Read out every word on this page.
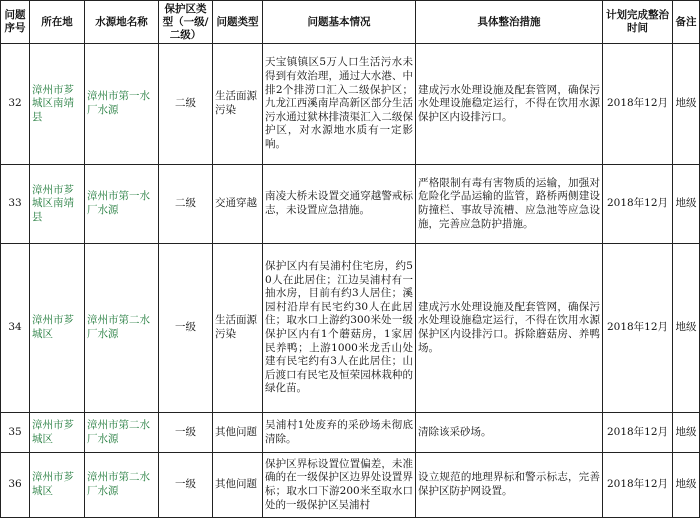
问题序号	所在地	水源地名称	保护区类型（一级/二级）	问题类型	问题基本情况	具体整治措施	计划完成整治时间	备注
32	漳州市芗城区南靖县	漳州市第一水厂水源	二级	生活面源污染	天宝镇镇区5万人口生活污水未得到有效治理，通过大水港、中排2个排涝口汇入二级保护区；九龙江西溪南岸高新区部分生活污水通过狱林排渍渠汇入二级保护区，对水源地水质有一定影响。	建成污水处理设施及配套管网，确保污水处理设施稳定运行，不得在饮用水源保护区内设排污口。	2018年12月	地级
33	漳州市芗城区南靖县	漳州市第一水厂水源	二级	交通穿越	南凌大桥未设置交通穿越警戒标志，未设置应急措施。	严格限制有毒有害物质的运输，加强对危险化学品运输的监管，路桥两侧建设防撞栏、事故导流槽、应急池等应急设施，完善应急防护措施。	2018年12月	地级
34	漳州市芗城区	漳州市第二水厂水源	一级	生活面源污染	保护区内有吴浦村住宅房，约50人在此居住；江边吴浦村有一抽水房，目前有约3人居住；溪园村沿岸有民宅约30人在此居住；取水口上游约300米处一级保护区内有1个蘑菇房，1家居民养鸭；上游1000米龙舌山处建有民宅约有3人在此居住；山后渡口有民宅及恒荣园林栽种的绿化苗。	建成污水处理设施及配套管网，确保污水处理设施稳定运行，不得在饮用水源保护区内设排污口。拆除蘑菇房、养鸭场。	2018年12月	地级
35	漳州市芗城区	漳州市第二水厂水源	一级	其他问题	吴浦村1处废弃的采砂场未彻底清除。	清除该采砂场。	2018年12月	地级
36	漳州市芗城区	漳州市第二水厂水源	一级	其他问题	保护区界标设置位置偏差，未准确的在一级保护区边界处设置界标；取水口下游200米至取水口处的一级保护区吴浦村	设立规范的地理界标和警示标志，完善保护区防护网设置。	2018年12月	地级
